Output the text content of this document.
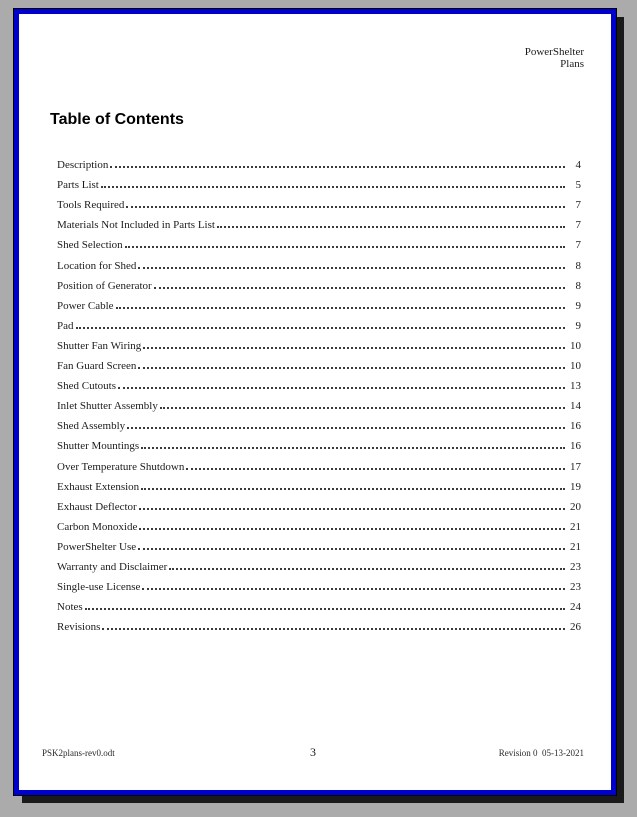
PowerShelter
Plans
Table of Contents
Description	4
Parts List	5
Tools Required	7
Materials Not Included in Parts List	7
Shed Selection	7
Location for Shed	8
Position of Generator	8
Power Cable	9
Pad	9
Shutter Fan Wiring	10
Fan Guard Screen	10
Shed Cutouts	13
Inlet Shutter Assembly	14
Shed Assembly	16
Shutter Mountings	16
Over Temperature Shutdown	17
Exhaust Extension	19
Exhaust Deflector	20
Carbon Monoxide	21
PowerShelter Use	21
Warranty and Disclaimer	23
Single-use License	23
Notes	24
Revisions	26
PSK2plans-rev0.odt	3	Revision 0  05-13-2021
